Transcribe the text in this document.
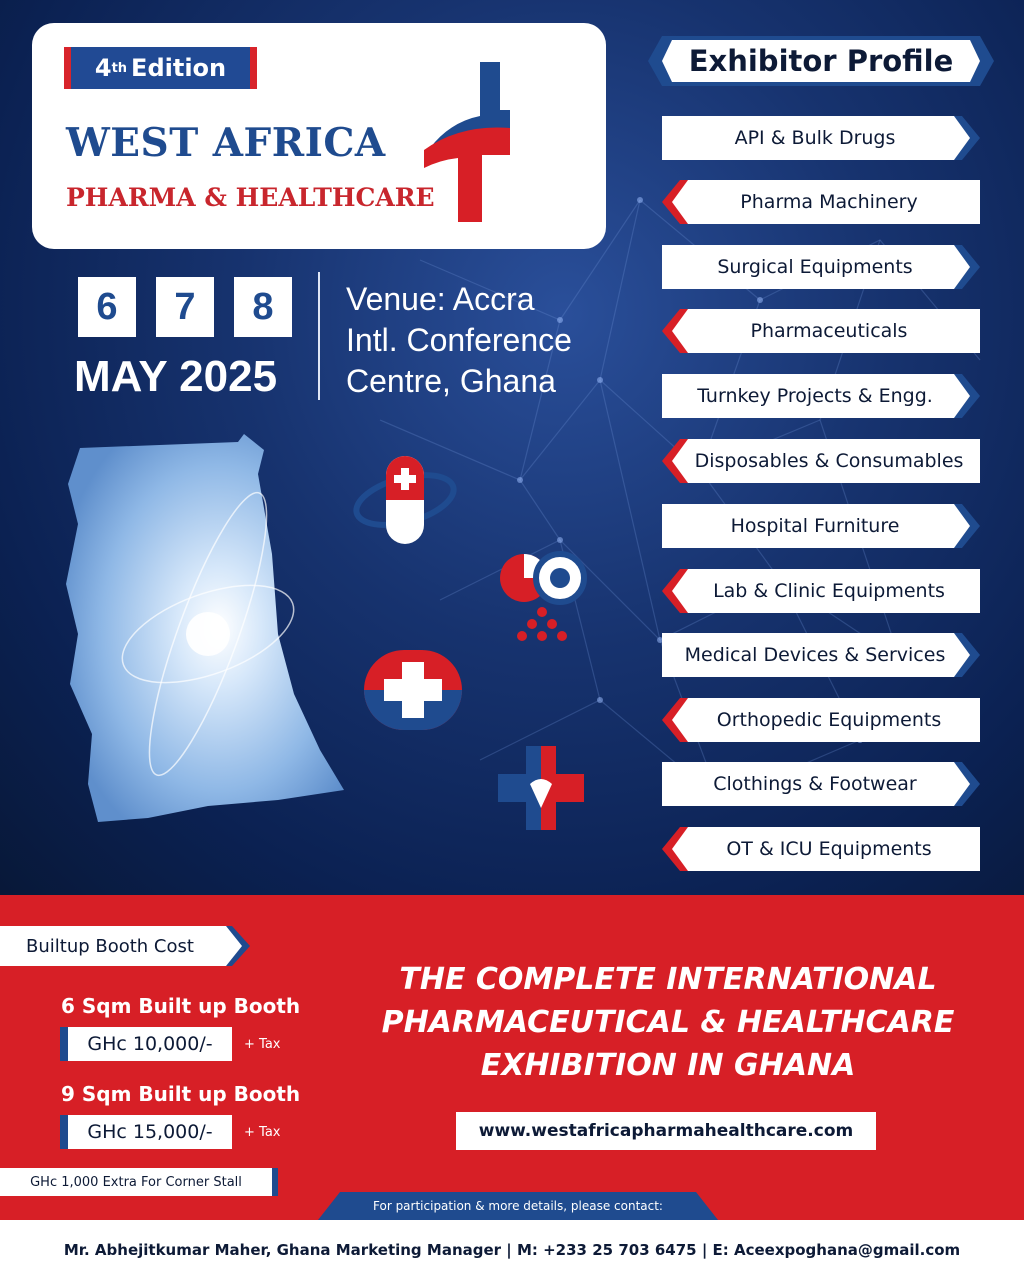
4 th Edition
WEST AFRICA
PHARMA & HEALTHCARE
6	7	8
MAY 2025
Venue: Accra
Intl. Conference
Centre, Ghana
Exhibitor Profile
API & Bulk Drugs
Pharma Machinery
Surgical Equipments
Pharmaceuticals
Turnkey Projects & Engg.
Disposables & Consumables
Hospital Furniture
Lab & Clinic Equipments
Medical Devices & Services
Orthopedic Equipments
Clothings & Footwear
OT & ICU Equipments
Builtup Booth Cost
6 Sqm Built up Booth
GHc 10,000/-	+ Tax
9 Sqm Built up Booth
GHc 15,000/-	+ Tax
GHc 1,000 Extra For Corner Stall
THE COMPLETE INTERNATIONAL
PHARMACEUTICAL & HEALTHCARE
EXHIBITION IN GHANA
www.westafricapharmahealthcare.com
For participation & more details, please contact:
Mr. Abhejitkumar Maher, Ghana Marketing Manager | M: +233 25 703 6475 | E: Aceexpoghana@gmail.com
